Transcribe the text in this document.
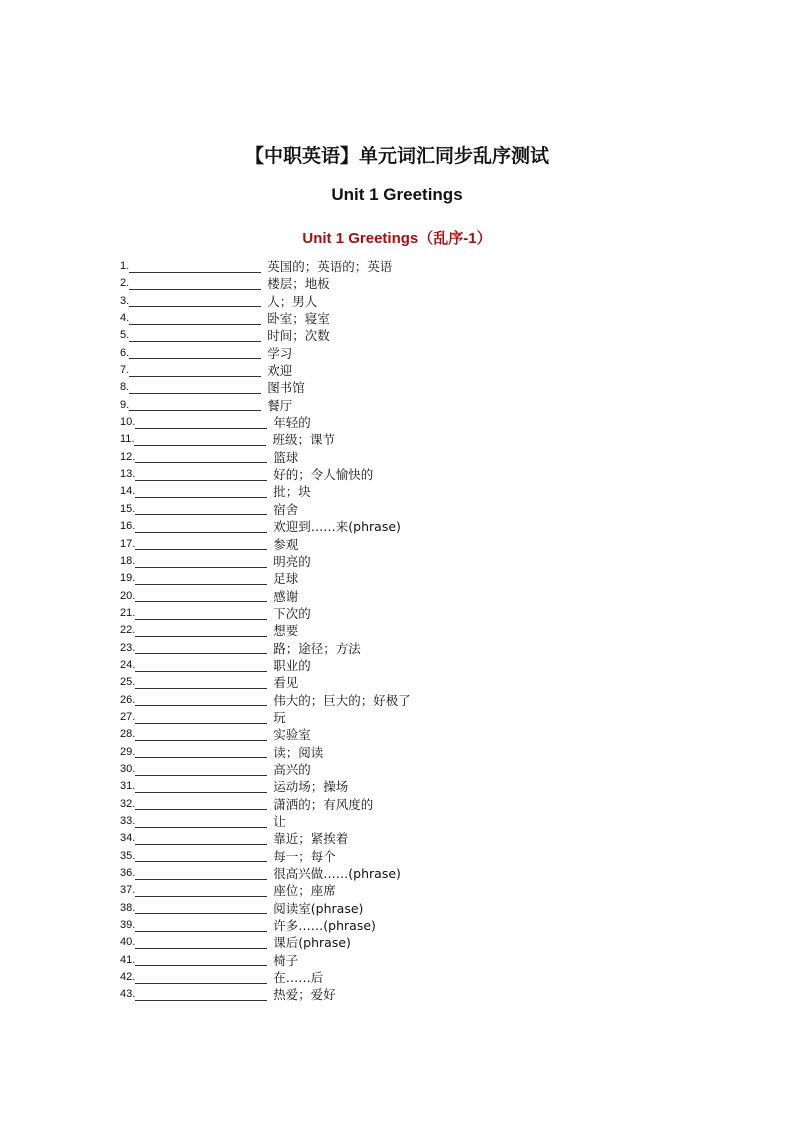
【中职英语】单元词汇同步乱序测试
Unit 1 Greetings
Unit 1 Greetings（乱序-1）
1.	英国的；英语的；英语
2.	楼层；地板
3.	人；男人
4.	卧室；寝室
5.	时间；次数
6.	学习
7.	欢迎
8.	图书馆
9.	餐厅
10.	年轻的
11.	班级；课节
12.	篮球
13.	好的；令人愉快的
14.	批；块
15.	宿舍
16.	欢迎到……来(phrase)
17.	参观
18.	明亮的
19.	足球
20.	感谢
21.	下次的
22.	想要
23.	路；途径；方法
24.	职业的
25.	看见
26.	伟大的；巨大的；好极了
27.	玩
28.	实验室
29.	读；阅读
30.	高兴的
31.	运动场；操场
32.	潇洒的；有风度的
33.	让
34.	靠近；紧挨着
35.	每一；每个
36.	很高兴做……(phrase)
37.	座位；座席
38.	阅读室(phrase)
39.	许多……(phrase)
40.	课后(phrase)
41.	椅子
42.	在……后
43.	热爱；爱好
